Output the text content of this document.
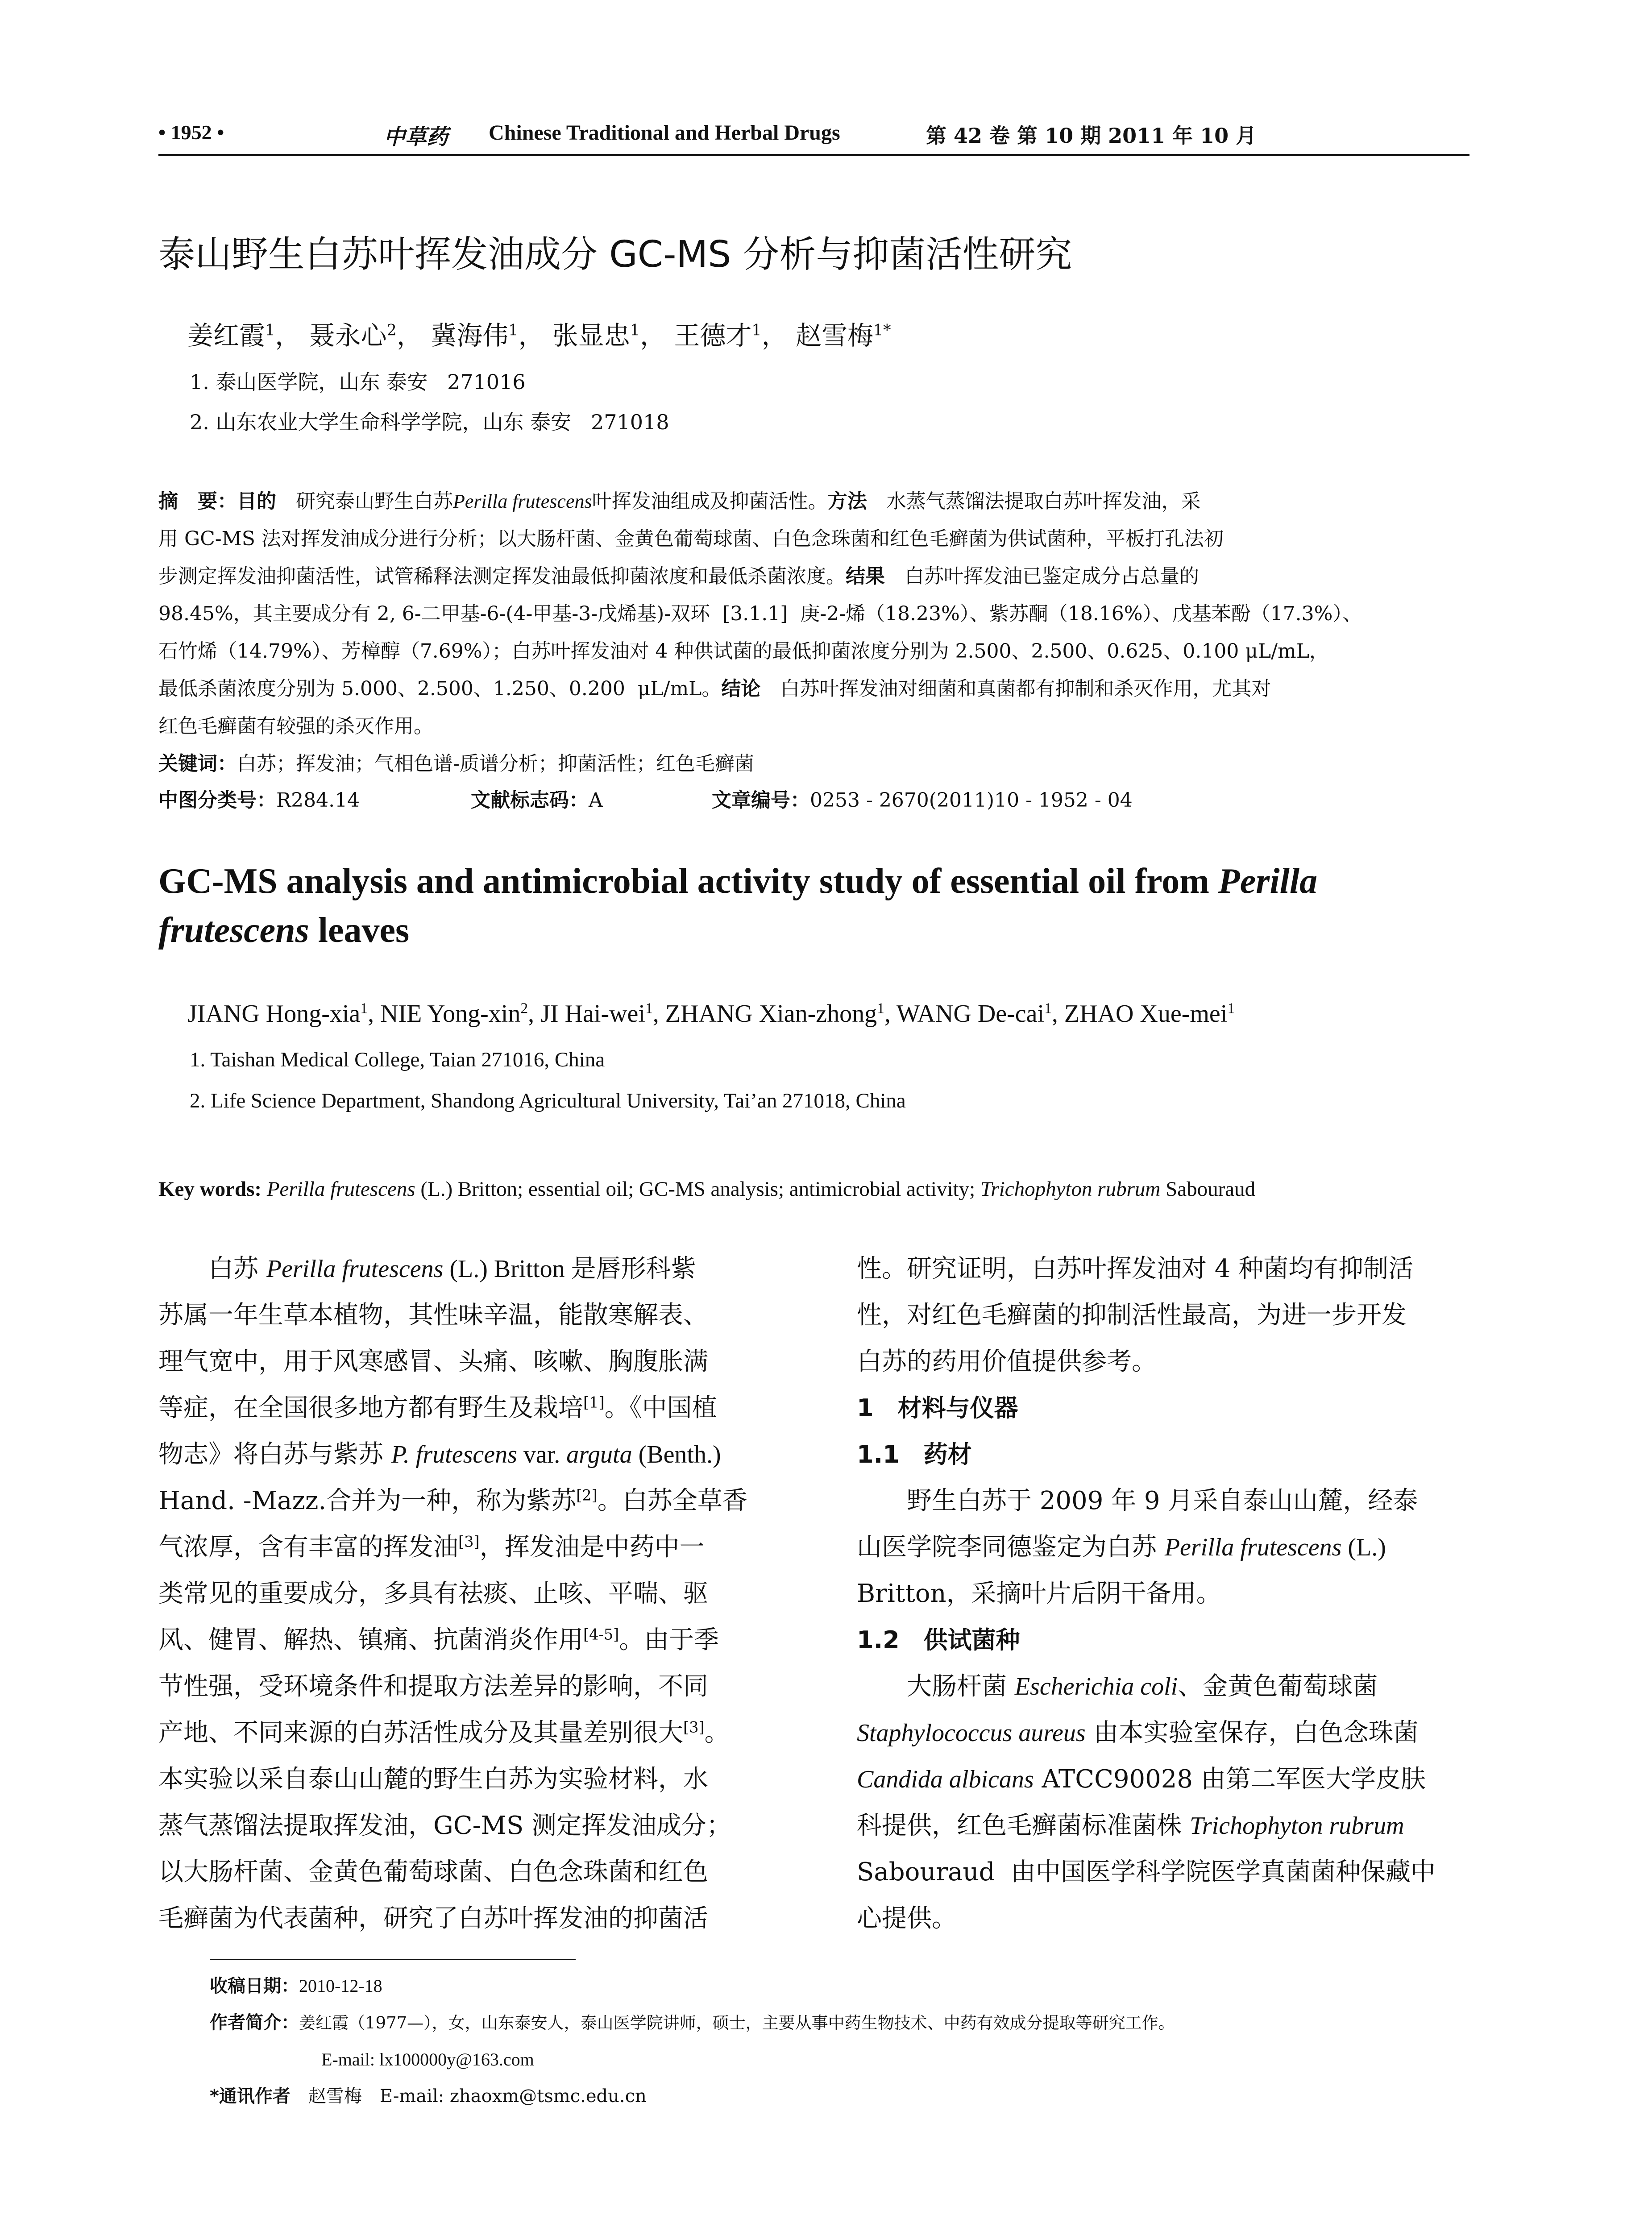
• 1952 •	中草药 Chinese Traditional and Herbal Drugs	第 42 卷 第 10 期 2011 年 10 月
泰山野生白苏叶挥发油成分 GC-MS 分析与抑菌活性研究
姜红霞$^1$， 聂永心$^2$， 冀海伟$^1$， 张显忠$^1$， 王德才$^1$， 赵雪梅$^{1*}$
1. 泰山医学院，山东 泰安   271016
2. 山东农业大学生命科学学院，山东 泰安   271018
摘　要：目的　 研究泰山野生白苏Perilla frutescens叶挥发油组成及抑菌活性。方法　 水蒸气蒸馏法提取白苏叶挥发油，采
用 GC-MS 法对挥发油成分进行分析；以大肠杆菌、金黄色葡萄球菌、白色念珠菌和红色毛癣菌为供试菌种，平板打孔法初
步测定挥发油抑菌活性，试管稀释法测定挥发油最低抑菌浓度和最低杀菌浓度。结果　 白苏叶挥发油已鉴定成分占总量的
98.45%，其主要成分有 2, 6-二甲基-6-(4-甲基-3-戊烯基)-双环  [3.1.1]  庚-2-烯（18.23%）、紫苏酮（18.16%）、戊基苯酚（17.3%）、
石竹烯（14.79%）、芳樟醇（7.69%）；白苏叶挥发油对 4 种供试菌的最低抑菌浓度分别为 2.500、2.500、0.625、0.100 μL/mL，
最低杀菌浓度分别为 5.000、2.500、1.250、0.200  μL/mL。结论　 白苏叶挥发油对细菌和真菌都有抑制和杀灭作用，尤其对
红色毛癣菌有较强的杀灭作用。
关键词：白苏；挥发油；气相色谱-质谱分析；抑菌活性；红色毛癣菌
中图分类号：R284.14	文献标志码：A	文章编号：0253 - 2670(2011)10 - 1952 - 04
GC-MS analysis and antimicrobial activity study of essential oil from Perilla
frutescens leaves
JIANG Hong-xia$^1$, NIE Yong-xin$^2$, JI Hai-wei$^1$, ZHANG Xian-zhong$^1$, WANG De-cai$^1$, ZHAO Xue-mei$^1$
1. Taishan Medical College, Taian 271016, China
2. Life Science Department, Shandong Agricultural University, Tai’an 271018, China
Key words: Perilla frutescens (L.) Britton; essential oil; GC-MS analysis; antimicrobial activity; Trichophyton rubrum Sabouraud
白苏 Perilla frutescens (L.) Britton 是唇形科紫
苏属一年生草本植物，其性味辛温，能散寒解表、
理气宽中，用于风寒感冒、头痛、咳嗽、胸腹胀满
等症，在全国很多地方都有野生及栽培[1]。《中国植
物志》将白苏与紫苏 P. frutescens var. arguta (Benth.)
Hand. -Mazz.合并为一种，称为紫苏[2]。白苏全草香
气浓厚，含有丰富的挥发油[3]，挥发油是中药中一
类常见的重要成分，多具有祛痰、止咳、平喘、驱
风、健胃、解热、镇痛、抗菌消炎作用[4-5]。由于季
节性强，受环境条件和提取方法差异的影响，不同
产地、不同来源的白苏活性成分及其量差别很大[3]。
本实验以采自泰山山麓的野生白苏为实验材料，水
蒸气蒸馏法提取挥发油，GC-MS 测定挥发油成分；
以大肠杆菌、金黄色葡萄球菌、白色念珠菌和红色
毛癣菌为代表菌种，研究了白苏叶挥发油的抑菌活
性。研究证明，白苏叶挥发油对 4 种菌均有抑制活
性，对红色毛癣菌的抑制活性最高，为进一步开发
白苏的药用价值提供参考。
1　材料与仪器
1.1　药材
野生白苏于 2009 年 9 月采自泰山山麓，经泰
山医学院李同德鉴定为白苏 Perilla frutescens (L.)
Britton，采摘叶片后阴干备用。
1.2　供试菌种
大肠杆菌 Escherichia coli、金黄色葡萄球菌
Staphylococcus aureus 由本实验室保存，白色念珠菌
Candida albicans ATCC90028 由第二军医大学皮肤
科提供，红色毛癣菌标准菌株 Trichophyton rubrum
Sabouraud  由中国医学科学院医学真菌菌种保藏中
心提供。
收稿日期：2010-12-18
作者简介：姜红霞（1977—），女，山东泰安人，泰山医学院讲师，硕士，主要从事中药生物技术、中药有效成分提取等研究工作。
E-mail: lx100000y@163.com
*通讯作者　 赵雪梅　E-mail: zhaoxm@tsmc.edu.cn
